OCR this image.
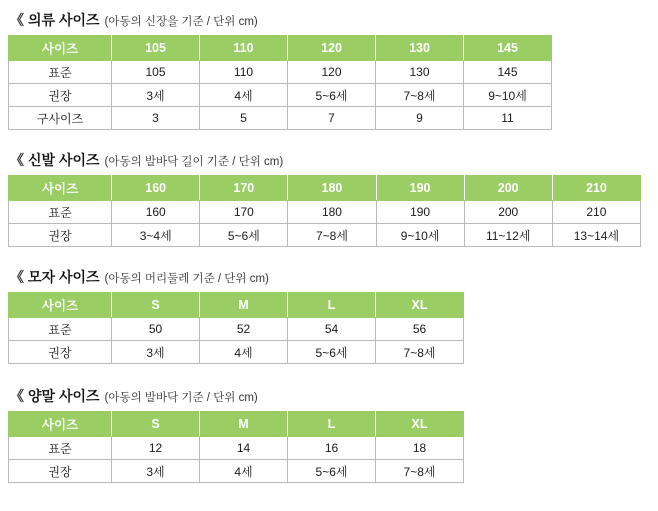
《 의류 사이즈 (아동의 신장을 기준 / 단위 cm)
사이즈	105	110	120	130	145
표준	105	110	120	130	145
권장	3세	4세	5~6세	7~8세	9~10세
구사이즈	3	5	7	9	11
《 신발 사이즈 (아동의 발바닥 길이 기준 / 단위 cm)
사이즈	160	170	180	190	200	210
표준	160	170	180	190	200	210
권장	3~4세	5~6세	7~8세	9~10세	11~12세	13~14세
《 모자 사이즈 (아동의 머리둘레 기준 / 단위 cm)
사이즈	S	M	L	XL
표준	50	52	54	56
권장	3세	4세	5~6세	7~8세
《 양말 사이즈 (아동의 발바닥 기준 / 단위 cm)
사이즈	S	M	L	XL
표준	12	14	16	18
권장	3세	4세	5~6세	7~8세
